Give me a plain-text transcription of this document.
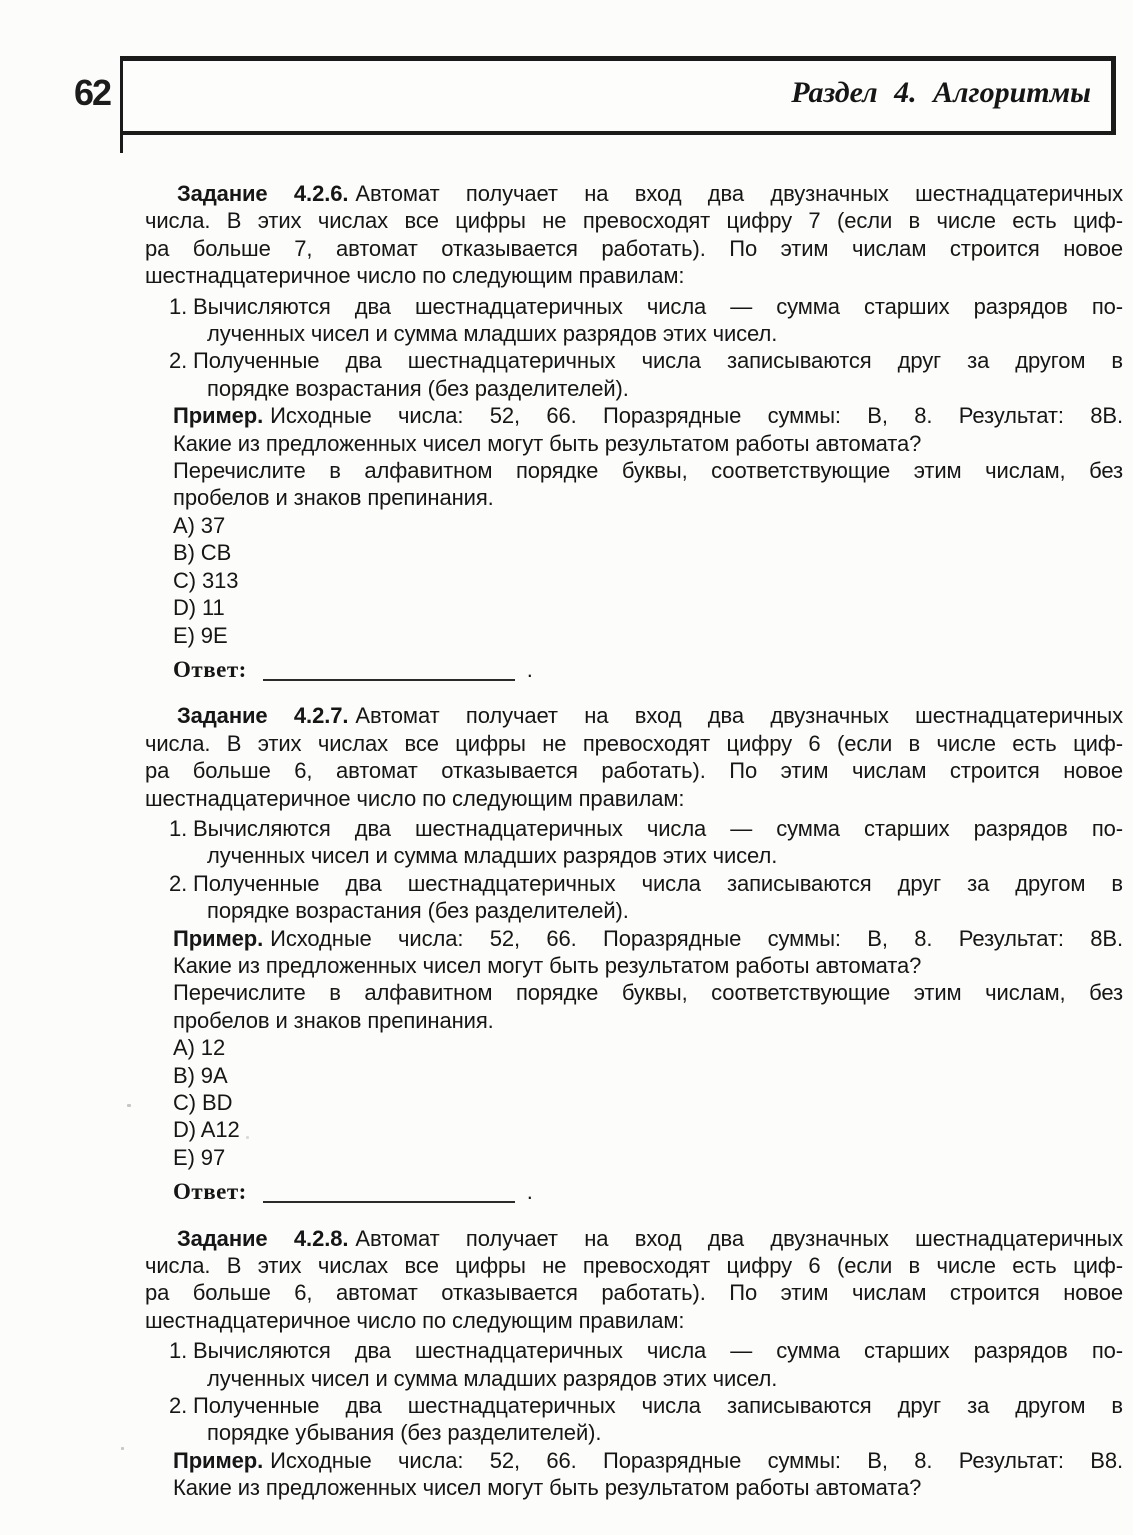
62	Раздел 4. Алгоритмы
Задание 4.2.6. Автомат получает на вход два двузначных шестнадцатеричных
числа. В этих числах все цифры не превосходят цифру 7 (если в числе есть циф-
ра больше 7, автомат отказывается работать). По этим числам строится новое
шестнадцатеричное число по следующим правилам:
1. Вычисляются два шестнадцатеричных числа — сумма старших разрядов по-
лученных чисел и сумма младших разрядов этих чисел.
2. Полученные два шестнадцатеричных числа записываются друг за другом в
порядке возрастания (без разделителей).
Пример. Исходные числа: 52, 66. Поразрядные суммы: B, 8. Результат: 8B.
Какие из предложенных чисел могут быть результатом работы автомата?
Перечислите в алфавитном порядке буквы, соответствующие этим числам, без
пробелов и знаков препинания.
A) 37
B) CB
C) 313
D) 11
E) 9E
Ответ:	.
Задание 4.2.7. Автомат получает на вход два двузначных шестнадцатеричных
числа. В этих числах все цифры не превосходят цифру 6 (если в числе есть циф-
ра больше 6, автомат отказывается работать). По этим числам строится новое
шестнадцатеричное число по следующим правилам:
1. Вычисляются два шестнадцатеричных числа — сумма старших разрядов по-
лученных чисел и сумма младших разрядов этих чисел.
2. Полученные два шестнадцатеричных числа записываются друг за другом в
порядке возрастания (без разделителей).
Пример. Исходные числа: 52, 66. Поразрядные суммы: B, 8. Результат: 8B.
Какие из предложенных чисел могут быть результатом работы автомата?
Перечислите в алфавитном порядке буквы, соответствующие этим числам, без
пробелов и знаков препинания.
A) 12
B) 9A
C) BD
D) A12
E) 97
Ответ:	.
Задание 4.2.8. Автомат получает на вход два двузначных шестнадцатеричных
числа. В этих числах все цифры не превосходят цифру 6 (если в числе есть циф-
ра больше 6, автомат отказывается работать). По этим числам строится новое
шестнадцатеричное число по следующим правилам:
1. Вычисляются два шестнадцатеричных числа — сумма старших разрядов по-
лученных чисел и сумма младших разрядов этих чисел.
2. Полученные два шестнадцатеричных числа записываются друг за другом в
порядке убывания (без разделителей).
Пример. Исходные числа: 52, 66. Поразрядные суммы: B, 8. Результат: B8.
Какие из предложенных чисел могут быть результатом работы автомата?
